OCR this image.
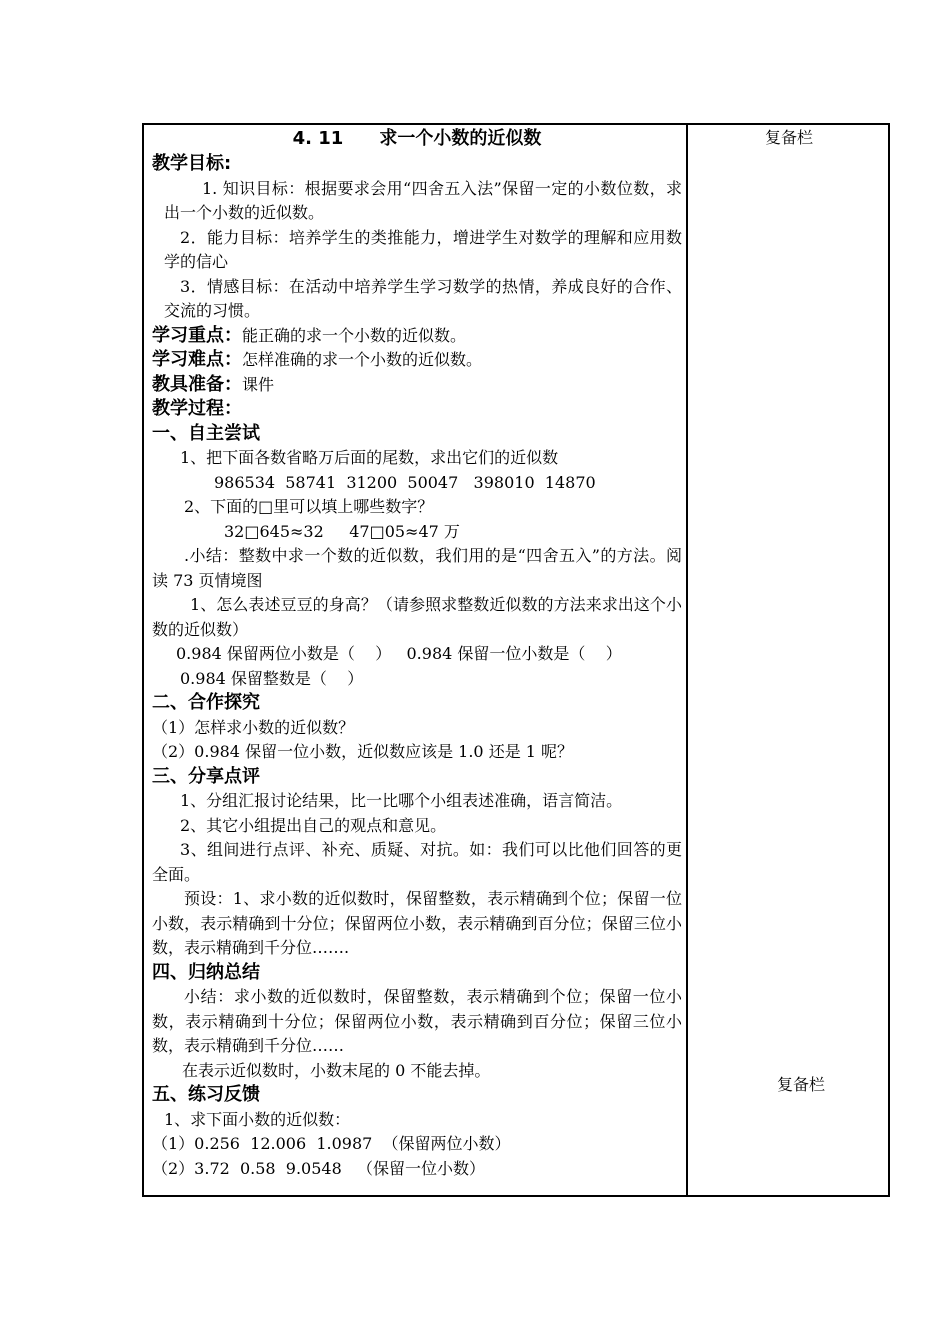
复备栏
复备栏
4. 11 求一个小数的近似数
教学目标:
1. 知识目标：根据要求会用“四舍五入法”保留一定的小数位数，求出一个小数的近似数。
2．能力目标：培养学生的类推能力，增进学生对数学的理解和应用数学的信心
3．情感目标：在活动中培养学生学习数学的热情，养成良好的合作、交流的习惯。
学习重点：能正确的求一个小数的近似数。
学习难点：怎样准确的求一个小数的近似数。
教具准备：课件
教学过程：
一、自主尝试
1、把下面各数省略万后面的尾数，求出它们的近似数
986534  58741  31200  50047   398010  14870
2、下面的□里可以填上哪些数字？
32□645≈32     47□05≈47 万
.小结：整数中求一个数的近似数，我们用的是“四舍五入”的方法。阅读 73 页情境图
1、怎么表述豆豆的身高？（请参照求整数近似数的方法来求出这个小数的近似数）
0.984 保留两位小数是（    ）   0.984 保留一位小数是（    ）
0.984 保留整数是（    ）
二、合作探究
（1）怎样求小数的近似数？
（2）0.984 保留一位小数，近似数应该是 1.0 还是 1 呢？
三、分享点评
1、分组汇报讨论结果，比一比哪个小组表述准确，语言简洁。
2、其它小组提出自己的观点和意见。
3、组间进行点评、补充、质疑、对抗。如：我们可以比他们回答的更全面。
预设：1、求小数的近似数时，保留整数，表示精确到个位；保留一位小数，表示精确到十分位；保留两位小数，表示精确到百分位；保留三位小数，表示精确到千分位…….
四、归纳总结
小结：求小数的近似数时，保留整数，表示精确到个位；保留一位小数，表示精确到十分位；保留两位小数，表示精确到百分位；保留三位小数，表示精确到千分位……
在表示近似数时，小数末尾的 0 不能去掉。
五、练习反馈
1、求下面小数的近似数：
（1）0.256  12.006  1.0987  （保留两位小数）
（2）3.72  0.58  9.0548   （保留一位小数）
